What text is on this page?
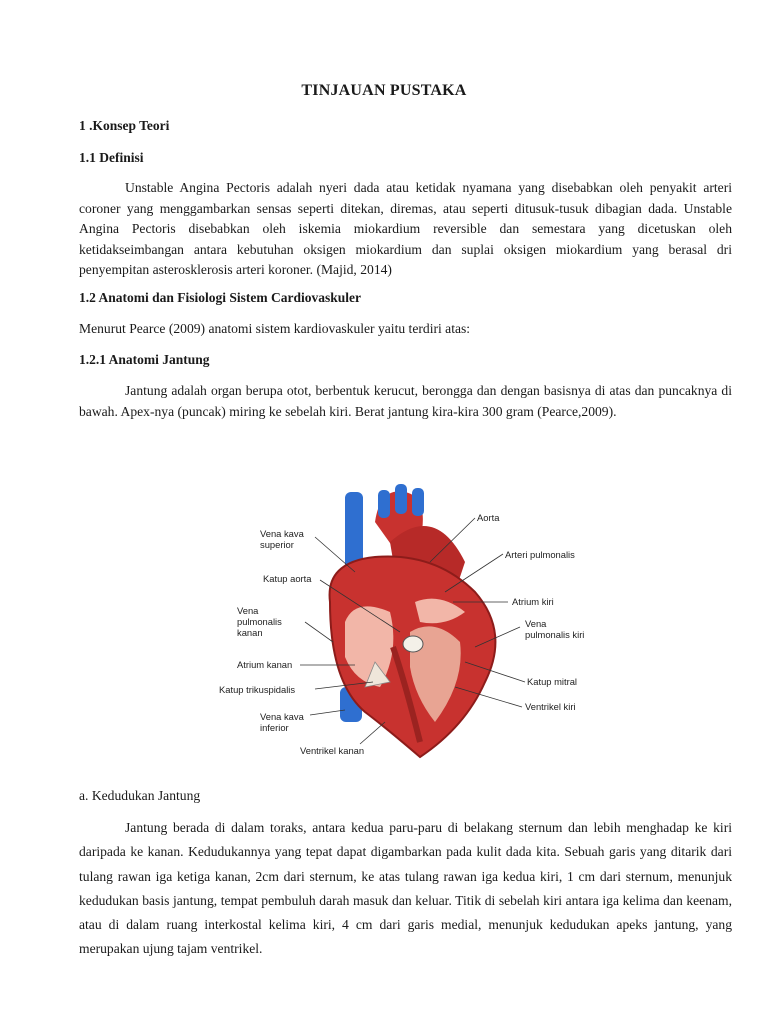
TINJAUAN PUSTAKA
1 .Konsep Teori
1.1 Definisi

Unstable Angina Pectoris adalah nyeri dada atau ketidak nyamana yang disebabkan oleh penyakit arteri coroner yang menggambarkan sensas seperti ditekan, diremas, atau seperti ditusuk-tusuk dibagian dada. Unstable Angina Pectoris disebabkan oleh iskemia miokardium reversible dan semestara yang dicetuskan oleh ketidakseimbangan antara kebutuhan oksigen miokardium dan suplai oksigen miokardium yang berasal dri penyempitan asterosklerosis arteri koroner. (Majid, 2014)

1.2 Anatomi dan Fisiologi Sistem Cardiovaskuler
Menurut Pearce (2009) anatomi sistem kardiovaskuler yaitu terdiri atas:
1.2.1 Anatomi Jantung

Jantung adalah organ berupa otot, berbentuk kerucut, berongga dan dengan basisnya di atas dan puncaknya di bawah. Apex-nya (puncak) miring ke sebelah kiri. Berat jantung kira-kira 300 gram (Pearce,2009).

Vena kava superior
Katup aorta
Vena pulmonalis kanan
Atrium kanan
Katup trikuspidalis
Vena kava inferior
Ventrikel kanan
Aorta
Arteri pulmonalis
Atrium kiri
Vena pulmonalis kiri
Katup mitral
Ventrikel kiri
a. Kedudukan Jantung

Jantung berada di dalam toraks, antara kedua paru-paru di belakang sternum dan lebih menghadap ke kiri daripada ke kanan. Kedudukannya yang tepat dapat digambarkan pada kulit dada kita. Sebuah garis yang ditarik dari tulang rawan iga ketiga kanan, 2cm dari sternum, ke atas tulang rawan iga kedua kiri, 1 cm dari sternum, menunjuk kedudukan basis jantung, tempat pembuluh darah masuk dan keluar. Titik di sebelah kiri antara iga kelima dan keenam, atau di dalam ruang interkostal kelima kiri, 4 cm dari garis medial, menunjuk kedudukan apeks jantung, yang merupakan ujung tajam ventrikel.
